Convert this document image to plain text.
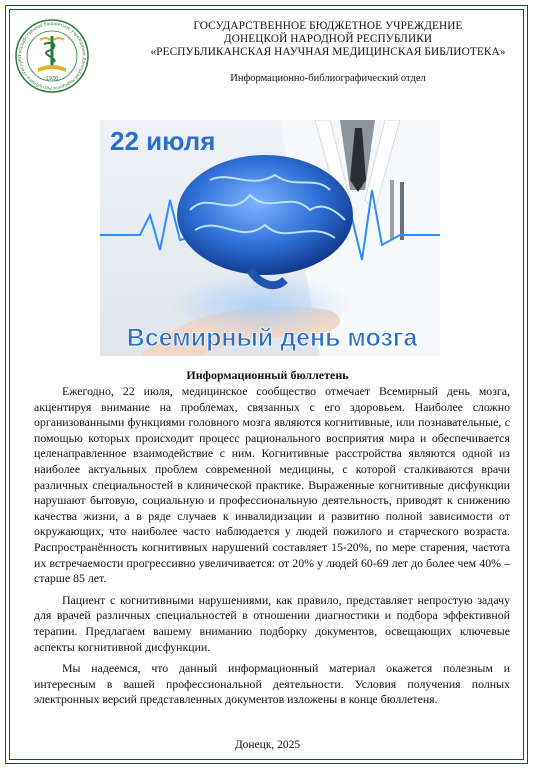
Государственное бюджетное учреждение Донецкой Народной Республики «Республ
1930
ГОСУДАРСТВЕННОЕ БЮДЖЕТНОЕ УЧРЕЖДЕНИЕ
ДОНЕЦКОЙ НАРОДНОЙ РЕСПУБЛИКИ
«РЕСПУБЛИКАНСКАЯ НАУЧНАЯ МЕДИЦИНСКАЯ БИБЛИОТЕКА»
Информационно-библиографический отдел
22 июля
Всемирный день мозга
Информационный бюллетень

Ежегодно, 22 июля, медицинское сообщество отмечает Всемирный день мозга, акцентируя внимание на проблемах, связанных с его здоровьем. Наиболее сложно организованными функциями головного мозга являются когнитивные, или познавательные, с помощью которых происходит процесс рационального восприятия мира и обеспечивается целенаправленное взаимодействие с ним. Когнитивные расстройства являются одной из наиболее актуальных проблем современной медицины, с которой сталкиваются врачи различных специальностей в клинической практике. Выраженные когнитивные дисфункции нарушают бытовую, социальную и профессиональную деятельность, приводят к снижению качества жизни, а в ряде случаев к инвалидизации и развитию полной зависимости от окружающих, что наиболее часто наблюдается у людей пожилого и старческого возраста. Распространённость когнитивных нарушений составляет 15-20%, по мере старения, частота их встречаемости прогрессивно увеличивается: от 20% у людей 60-69 лет до более чем 40% – старше 85 лет.

Пациент с когнитивными нарушениями, как правило, представляет непростую задачу для врачей различных специальностей в отношении диагностики и подбора эффективной терапии. Предлагаем вашему вниманию подборку документов, освещающих ключевые аспекты когнитивной дисфункции.

Мы надеемся, что данный информационный материал окажется полезным и интересным в вашей профессиональной деятельности. Условия получения полных электронных версий представленных документов изложены в конце бюллетеня.

Донецк, 2025
